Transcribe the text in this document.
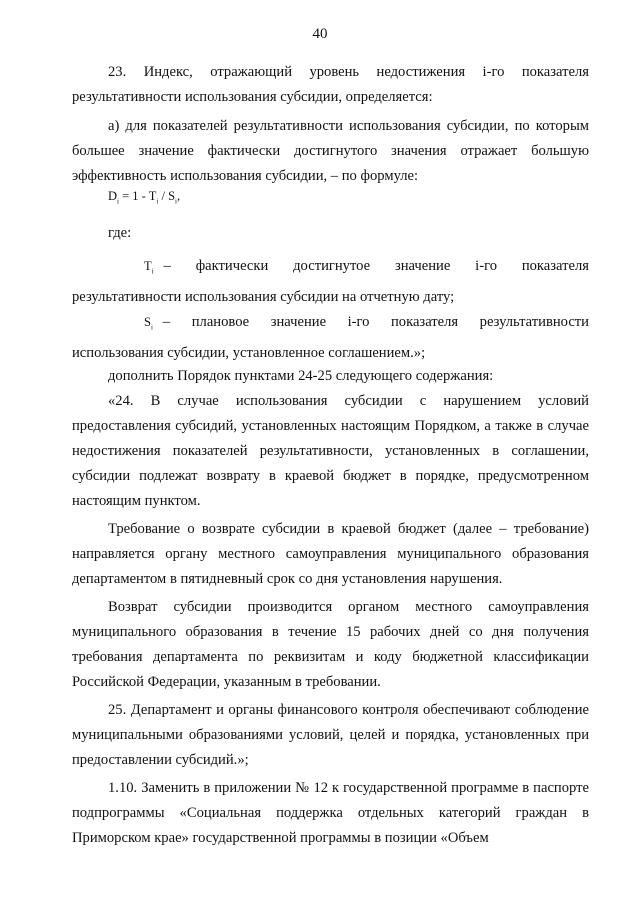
40
23. Индекс, отражающий уровень недостижения i-го показателя результативности использования субсидии, определяется:
а) для показателей результативности использования субсидии, по которым большее значение фактически достигнутого значения отражает большую эффективность использования субсидии, – по формуле:
$D_i = 1 - T_i / S_i$,
где:
$T_i$ – фактически достигнутое значение i-го показателя результативности использования субсидии на отчетную дату;
$S_i$ – плановое значение i-го показателя результативности использования субсидии, установленное соглашением.»;
дополнить Порядок пунктами 24-25 следующего содержания:
«24. В случае использования субсидии с нарушением условий предоставления субсидий, установленных настоящим Порядком, а также в случае недостижения показателей результативности, установленных в соглашении, субсидии подлежат возврату в краевой бюджет в порядке, предусмотренном настоящим пунктом.
Требование о возврате субсидии в краевой бюджет (далее – требование) направляется органу местного самоуправления муниципального образования департаментом в пятидневный срок со дня установления нарушения.
Возврат субсидии производится органом местного самоуправления муниципального образования в течение 15 рабочих дней со дня получения требования департамента по реквизитам и коду бюджетной классификации Российской Федерации, указанным в требовании.
25. Департамент и органы финансового контроля обеспечивают соблюдение муниципальными образованиями условий, целей и порядка, установленных при предоставлении субсидий.»;
1.10. Заменить в приложении № 12 к государственной программе в паспорте подпрограммы «Социальная поддержка отдельных категорий граждан в Приморском крае» государственной программы в позиции «Объем
